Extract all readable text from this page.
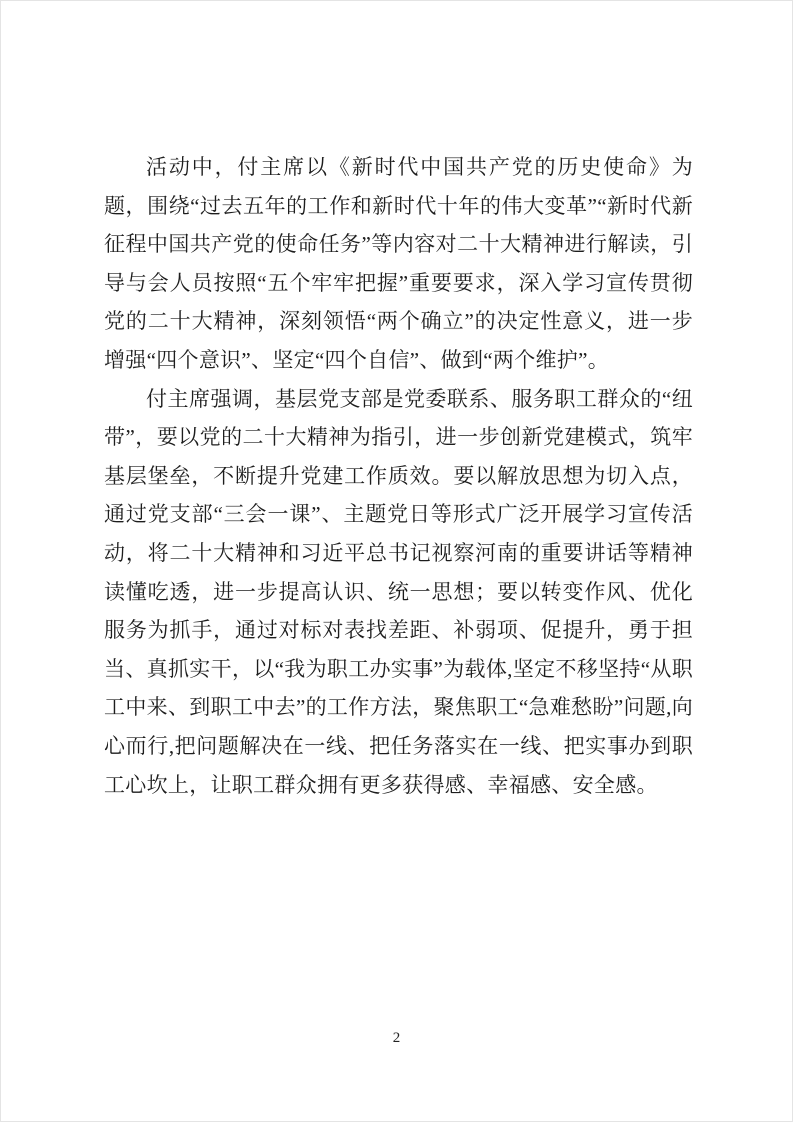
活动中，付主席以《新时代中国共产党的历史使命》为题，围绕“过去五年的工作和新时代十年的伟大变革”“新时代新征程中国共产党的使命任务”等内容对二十大精神进行解读，引导与会人员按照“五个牢牢把握”重要要求，深入学习宣传贯彻党的二十大精神，深刻领悟“两个确立”的决定性意义，进一步增强“四个意识”、坚定“四个自信”、做到“两个维护”。

付主席强调，基层党支部是党委联系、服务职工群众的“纽带”，要以党的二十大精神为指引，进一步创新党建模式，筑牢基层堡垒，不断提升党建工作质效。要以解放思想为切入点，通过党支部“三会一课”、主题党日等形式广泛开展学习宣传活动，将二十大精神和习近平总书记视察河南的重要讲话等精神读懂吃透，进一步提高认识、统一思想；要以转变作风、优化服务为抓手，通过对标对表找差距、补弱项、促提升，勇于担当、真抓实干，以“我为职工办实事”为载体,坚定不移坚持“从职工中来、到职工中去”的工作方法，聚焦职工“急难愁盼”问题,向心而行,把问题解决在一线、把任务落实在一线、把实事办到职工心坎上，让职工群众拥有更多获得感、幸福感、安全感。

2
